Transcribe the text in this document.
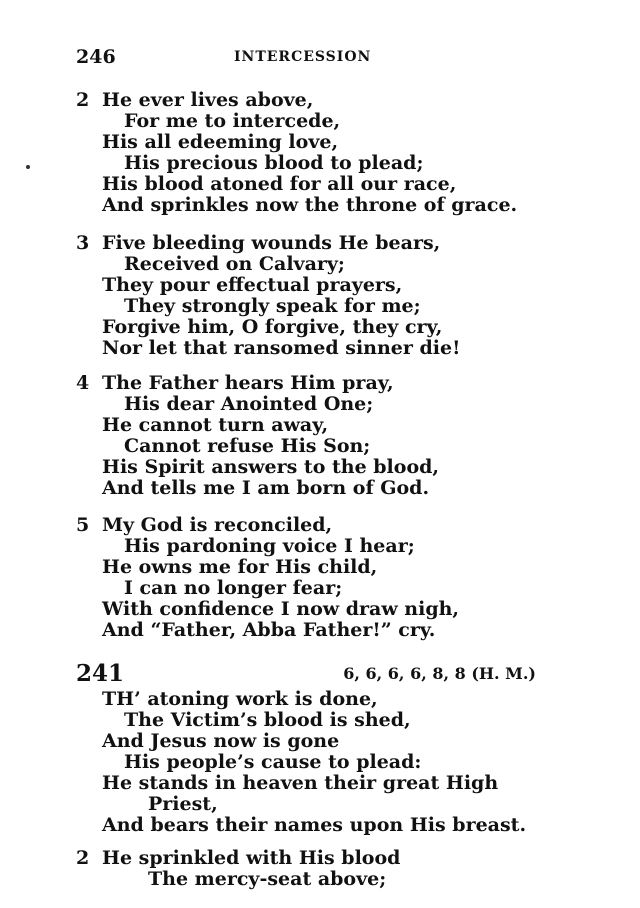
246	INTERCESSION
2 He ever lives above,
For me to intercede,
His all edeeming love,
His precious blood to plead;
His blood atoned for all our race,
And sprinkles now the throne of grace.
3 Five bleeding wounds He bears,
Received on Calvary;
They pour effectual prayers,
They strongly speak for me;
Forgive him, O forgive, they cry,
Nor let that ransomed sinner die!
4 The Father hears Him pray,
His dear Anointed One;
He cannot turn away,
Cannot refuse His Son;
His Spirit answers to the blood,
And tells me I am born of God.
5 My God is reconciled,
His pardoning voice I hear;
He owns me for His child,
I can no longer fear;
With confidence I now draw nigh,
And “Father, Abba Father!” cry.
241	6, 6, 6, 6, 8, 8 (H. M.)
TH’ atoning work is done,
The Victim’s blood is shed,
And Jesus now is gone
His people’s cause to plead:
He stands in heaven their great High
Priest,
And bears their names upon His breast.
2 He sprinkled with His blood
The mercy-seat above;
